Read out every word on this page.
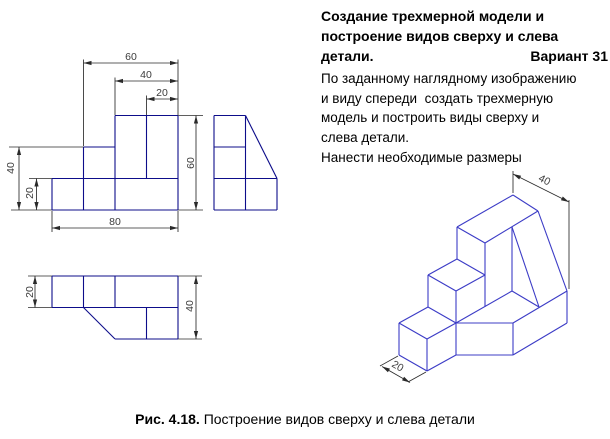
60
40
20
80
40
20
60
20
40
40
20
Создание трехмерной модели и
построение видов сверху и слева
детали.	Вариант 31
По заданному наглядному изображению
и виду спереди  создать трехмерную
модель и построить виды сверху и
слева детали.
Нанести необходимые размеры
Рис. 4.18. Построение видов сверху и слева детали
